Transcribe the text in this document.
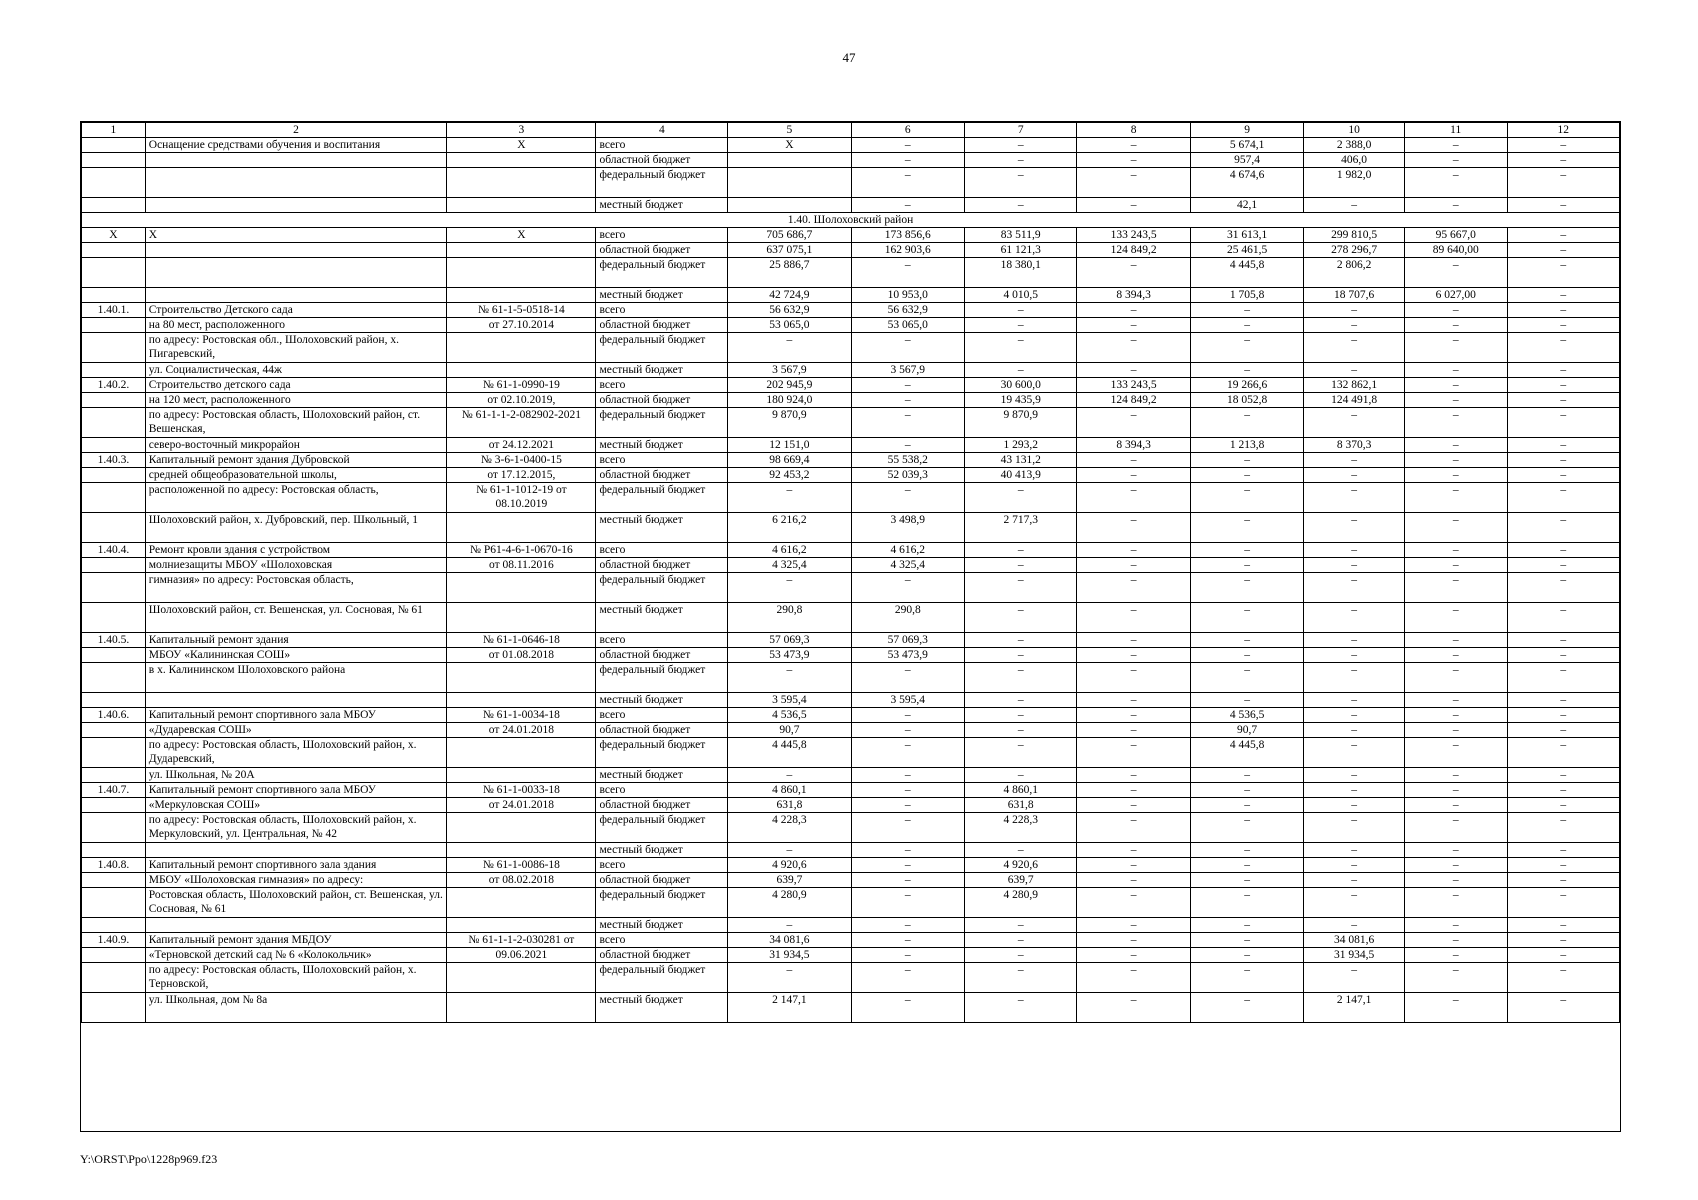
47
1	2	3	4	5	6	7	8	9	10	11	12
	Оснащение средствами обучения и воспитания	Х	всего	Х	–	–	–	5 674,1	2 388,0	–	–
			областной бюджет		–	–	–	957,4	406,0	–	–
			федеральный бюджет		–	–	–	4 674,6	1 982,0	–	–
			местный бюджет		–	–	–	42,1	–	–	–
1.40. Шолоховский район											
Х	Х	Х	всего	705 686,7	173 856,6	83 511,9	133 243,5	31 613,1	299 810,5	95 667,0	–
			областной бюджет	637 075,1	162 903,6	61 121,3	124 849,2	25 461,5	278 296,7	89 640,00	–
			федеральный бюджет	25 886,7	–	18 380,1	–	4 445,8	2 806,2	–	–
			местный бюджет	42 724,9	10 953,0	4 010,5	8 394,3	1 705,8	18 707,6	6 027,00	–
1.40.1.	Строительство Детского сада	№ 61-1-5-0518-14	всего	56 632,9	56 632,9	–	–	–	–	–	–
	на 80 мест, расположенного	от 27.10.2014	областной бюджет	53 065,0	53 065,0	–	–	–	–	–	–
	по адресу: Ростовская обл., Шолоховский район, х. Пигаревский,		федеральный бюджет	–	–	–	–	–	–	–	–
	ул. Социалистическая, 44ж		местный бюджет	3 567,9	3 567,9	–	–	–	–	–	–
1.40.2.	Строительство детского сада	№ 61-1-0990-19	всего	202 945,9	–	30 600,0	133 243,5	19 266,6	132 862,1	–	–
	на 120 мест, расположенного	от 02.10.2019,	областной бюджет	180 924,0	–	19 435,9	124 849,2	18 052,8	124 491,8	–	–
	по адресу: Ростовская область, Шолоховский район, ст. Вешенская,	№ 61-1-1-2-082902-2021	федеральный бюджет	9 870,9	–	9 870,9	–	–	–	–	–
	северо-восточный микрорайон	от 24.12.2021	местный бюджет	12 151,0	–	1 293,2	8 394,3	1 213,8	8 370,3	–	–
1.40.3.	Капитальный ремонт здания Дубровской	№ 3-6-1-0400-15	всего	98 669,4	55 538,2	43 131,2	–	–	–	–	–
	средней общеобразовательной школы,	от 17.12.2015,	областной бюджет	92 453,2	52 039,3	40 413,9	–	–	–	–	–
	расположенной по адресу: Ростовская область,	№ 61-1-1012-19 от 08.10.2019	федеральный бюджет	–	–	–	–	–	–	–	–
	Шолоховский район, х. Дубровский, пер. Школьный, 1		местный бюджет	6 216,2	3 498,9	2 717,3	–	–	–	–	–
1.40.4.	Ремонт кровли здания с устройством	№ Р61-4-6-1-0670-16	всего	4 616,2	4 616,2	–	–	–	–	–	–
	молниезащиты МБОУ «Шолоховская	от 08.11.2016	областной бюджет	4 325,4	4 325,4	–	–	–	–	–	–
	гимназия» по адресу: Ростовская область,		федеральный бюджет	–	–	–	–	–	–	–	–
	Шолоховский район, ст. Вешенская, ул. Сосновая, № 61		местный бюджет	290,8	290,8	–	–	–	–	–	–
1.40.5.	Капитальный ремонт здания	№ 61-1-0646-18	всего	57 069,3	57 069,3	–	–	–	–	–	–
	МБОУ «Калининская СОШ»	от 01.08.2018	областной бюджет	53 473,9	53 473,9	–	–	–	–	–	–
	в х. Калининском Шолоховского района		федеральный бюджет	–	–	–	–	–	–	–	–
			местный бюджет	3 595,4	3 595,4	–	–	–	–	–	–
1.40.6.	Капитальный ремонт спортивного зала МБОУ	№ 61-1-0034-18	всего	4 536,5	–	–	–	4 536,5	–	–	–
	«Дударевская СОШ»	от 24.01.2018	областной бюджет	90,7	–	–	–	90,7	–	–	–
	по адресу: Ростовская область, Шолоховский район, х. Дударевский,		федеральный бюджет	4 445,8	–	–	–	4 445,8	–	–	–
	ул. Школьная, № 20А		местный бюджет	–	–	–	–	–	–	–	–
1.40.7.	Капитальный ремонт спортивного зала МБОУ	№ 61-1-0033-18	всего	4 860,1	–	4 860,1	–	–	–	–	–
	«Меркуловская СОШ»	от 24.01.2018	областной бюджет	631,8	–	631,8	–	–	–	–	–
	по адресу: Ростовская область, Шолоховский район, х. Меркуловский, ул. Центральная, № 42		федеральный бюджет	4 228,3	–	4 228,3	–	–	–	–	–
			местный бюджет	–	–	–	–	–	–	–	–
1.40.8.	Капитальный ремонт спортивного зала здания	№ 61-1-0086-18	всего	4 920,6	–	4 920,6	–	–	–	–	–
	МБОУ «Шолоховская гимназия» по адресу:	от 08.02.2018	областной бюджет	639,7	–	639,7	–	–	–	–	–
	Ростовская область, Шолоховский район, ст. Вешенская, ул. Сосновая, № 61		федеральный бюджет	4 280,9	–	4 280,9	–	–	–	–	–
			местный бюджет	–	–	–	–	–	–	–	–
1.40.9.	Капитальный ремонт здания МБДОУ	№ 61-1-1-2-030281 от	всего	34 081,6	–	–	–	–	34 081,6	–	–
	«Терновской детский сад № 6 «Колокольчик»	09.06.2021	областной бюджет	31 934,5	–	–	–	–	31 934,5	–	–
	по адресу: Ростовская область, Шолоховский район, х. Терновской,		федеральный бюджет	–	–	–	–	–	–	–	–
	ул. Школьная, дом № 8а		местный бюджет	2 147,1	–	–	–	–	2 147,1	–	–
Y:\ORST\Ppo\1228p969.f23
